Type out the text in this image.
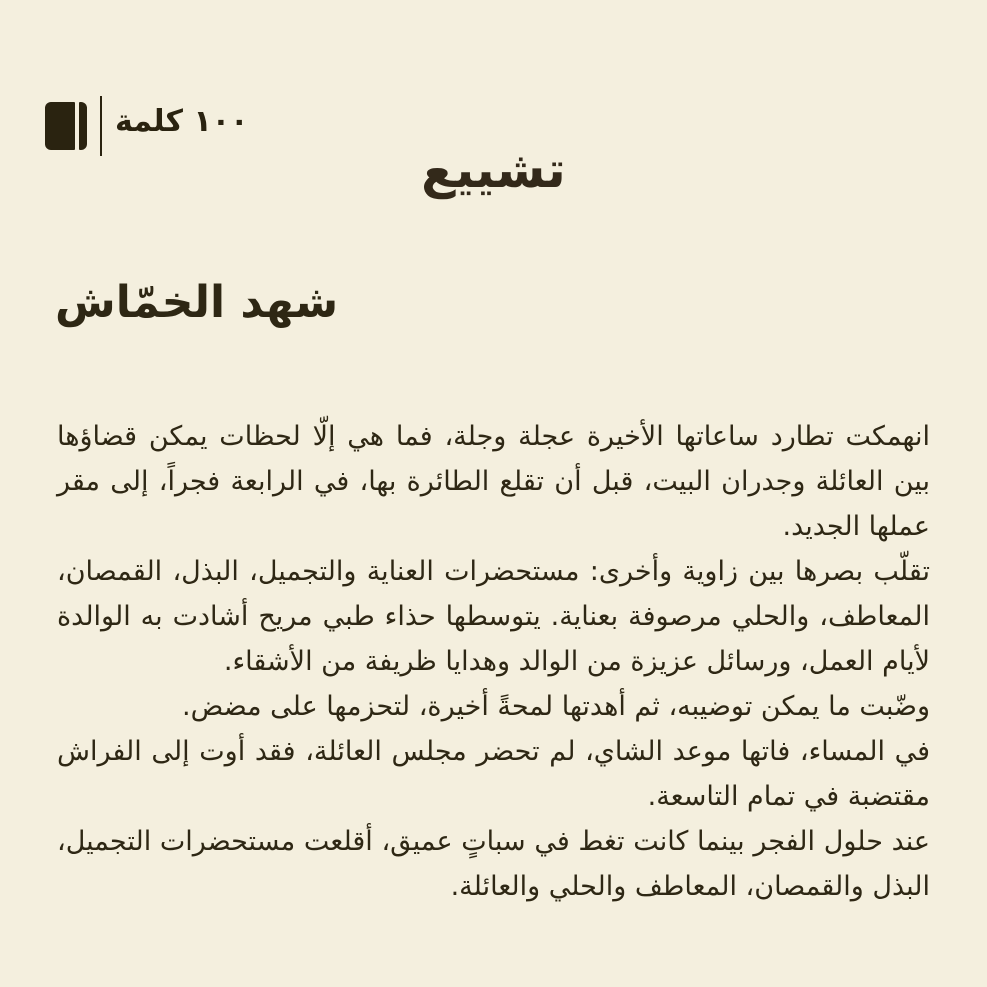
١٠٠ كلمة
تشييع
شهد الخمّاش

انهمكت تطارد ساعاتها الأخيرة عجلة وجلة، فما هي إلّا لحظات يمكن قضاؤها بين العائلة وجدران البيت، قبل أن تقلع الطائرة بها، في الرابعة فجراً، إلى مقر عملها الجديد.

تقلّب بصرها بين زاوية وأخرى: مستحضرات العناية والتجميل، البذل، القمصان، المعاطف، والحلي مرصوفة بعناية. يتوسطها حذاء طبي مريح أشادت به الوالدة لأيام العمل، ورسائل عزيزة من الوالد وهدايا ظريفة من الأشقاء.

وضّبت ما يمكن توضيبه، ثم أهدتها لمحةً أخيرة، لتحزمها على مضض.

في المساء، فاتها موعد الشاي، لم تحضر مجلس العائلة، فقد أوت إلى الفراش مقتضبة في تمام التاسعة.

عند حلول الفجر بينما كانت تغط في سباتٍ عميق، أقلعت مستحضرات التجميل، البذل والقمصان، المعاطف والحلي والعائلة.
